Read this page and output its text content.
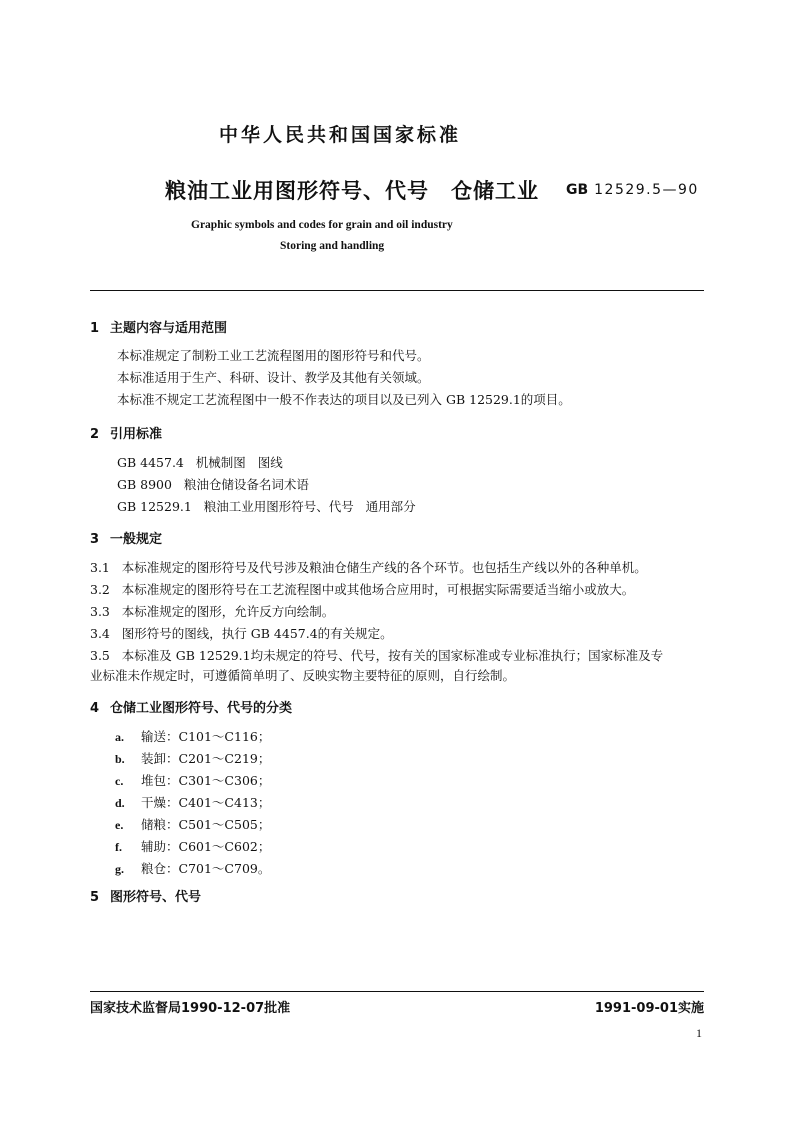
中华人民共和国国家标准
粮油工业用图形符号、代号 仓储工业 GB 12529.5—90
Graphic symbols and codes for grain and oil industry
Storing and handling
1 主题内容与适用范围
本标准规定了制粉工业工艺流程图用的图形符号和代号。
本标准适用于生产、科研、设计、教学及其他有关领域。
本标准不规定工艺流程图中一般不作表达的项目以及已列入 GB 12529.1的项目。
2 引用标准
GB 4457.4   机械制图   图线
GB 8900   粮油仓储设备名词术语
GB 12529.1   粮油工业用图形符号、代号   通用部分
3 一般规定
3.1   本标准规定的图形符号及代号涉及粮油仓储生产线的各个环节。也包括生产线以外的各种单机。
3.2   本标准规定的图形符号在工艺流程图中或其他场合应用时，可根据实际需要适当缩小或放大。
3.3   本标准规定的图形，允许反方向绘制。
3.4   图形符号的图线，执行 GB 4457.4的有关规定。
3.5   本标准及 GB 12529.1均未规定的符号、代号，按有关的国家标准或专业标准执行；国家标准及专
业标准未作规定时，可遵循简单明了、反映实物主要特征的原则，自行绘制。
4 仓储工业图形符号、代号的分类
a. 输送：C101～C116；
b. 装卸：C201～C219；
c. 堆包：C301～C306；
d. 干燥：C401～C413；
e. 储粮：C501～C505；
f. 辅助：C601～C602；
g. 粮仓：C701～C709。
5 图形符号、代号
国家技术监督局1990-12-07批准	1991-09-01实施
1
